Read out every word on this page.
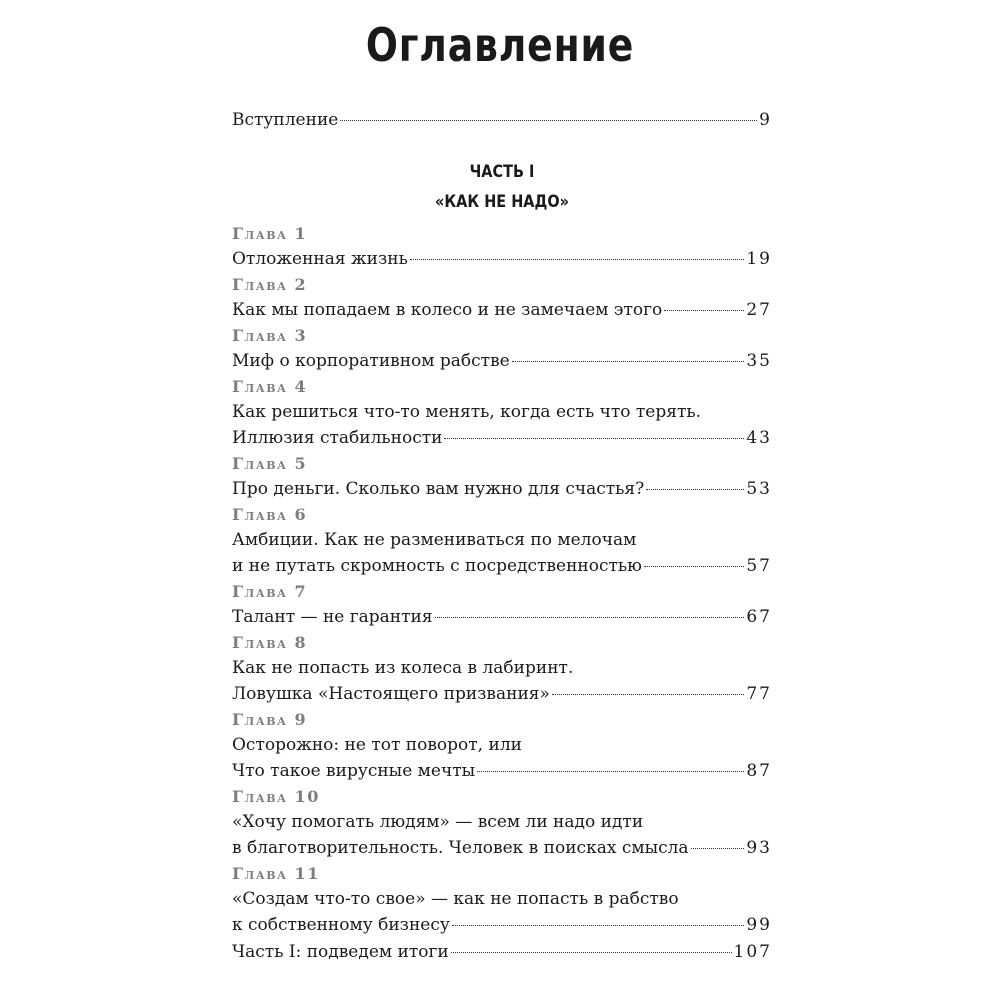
Оглавление
Вступление	9
ЧАСТЬ I
«КАК НЕ НАДО»
Глава 1
Отложенная жизнь	19
Глава 2
Как мы попадаем в колесо и не замечаем этого	27
Глава 3
Миф о корпоративном рабстве	35
Глава 4
Как решиться что-то менять, когда есть что терять.
Иллюзия стабильности	43
Глава 5
Про деньги. Сколько вам нужно для счастья?	53
Глава 6
Амбиции. Как не размениваться по мелочам
и не путать скромность с посредственностью	57
Глава 7
Талант — не гарантия	67
Глава 8
Как не попасть из колеса в лабиринт.
Ловушка «Настоящего призвания»	77
Глава 9
Осторожно: не тот поворот, или
Что такое вирусные мечты	87
Глава 10
«Хочу помогать людям» — всем ли надо идти
в благотворительность. Человек в поисках смысла	93
Глава 11
«Создам что-то свое» — как не попасть в рабство
к собственному бизнесу	99
Часть I: подведем итоги	107
